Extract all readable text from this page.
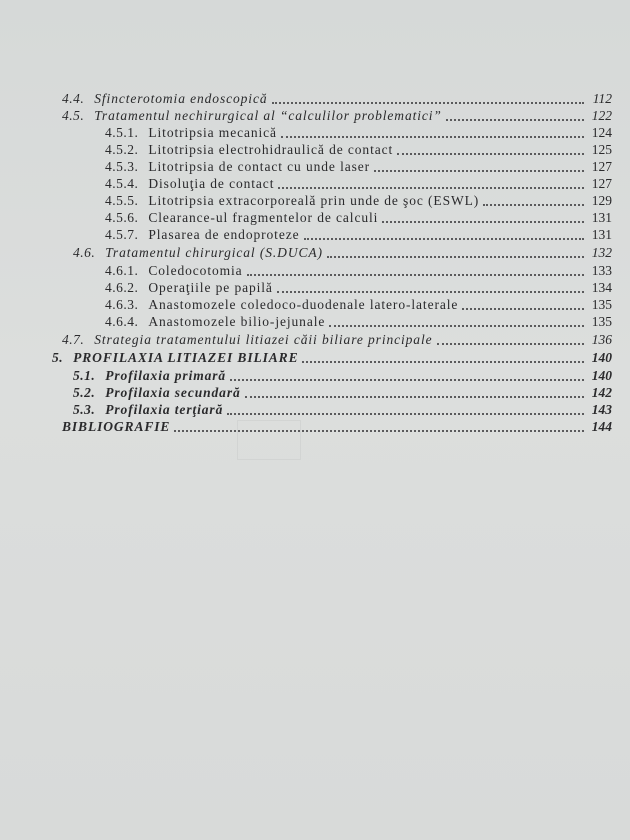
4.4. Sfincterotomia endoscopică	112
4.5. Tratamentul nechirurgical al “calculilor problematici”	122
4.5.1. Litotripsia mecanică	124
4.5.2. Litotripsia electrohidraulică de contact	125
4.5.3. Litotripsia de contact cu unde laser	127
4.5.4. Disoluţia de contact	127
4.5.5. Litotripsia extracorporeală prin unde de şoc (ESWL)	129
4.5.6. Clearance-ul fragmentelor de calculi	131
4.5.7. Plasarea de endoproteze	131
4.6. Tratamentul chirurgical (S.DUCA)	132
4.6.1. Coledocotomia	133
4.6.2. Operaţiile pe papilă	134
4.6.3. Anastomozele coledoco-duodenale latero-laterale	135
4.6.4. Anastomozele bilio-jejunale	135
4.7. Strategia tratamentului litiazei căii biliare principale	136
5. PROFILAXIA LITIAZEI BILIARE	140
5.1. Profilaxia primară	140
5.2. Profilaxia secundară	142
5.3. Profilaxia terţiară	143
BIBLIOGRAFIE	144
